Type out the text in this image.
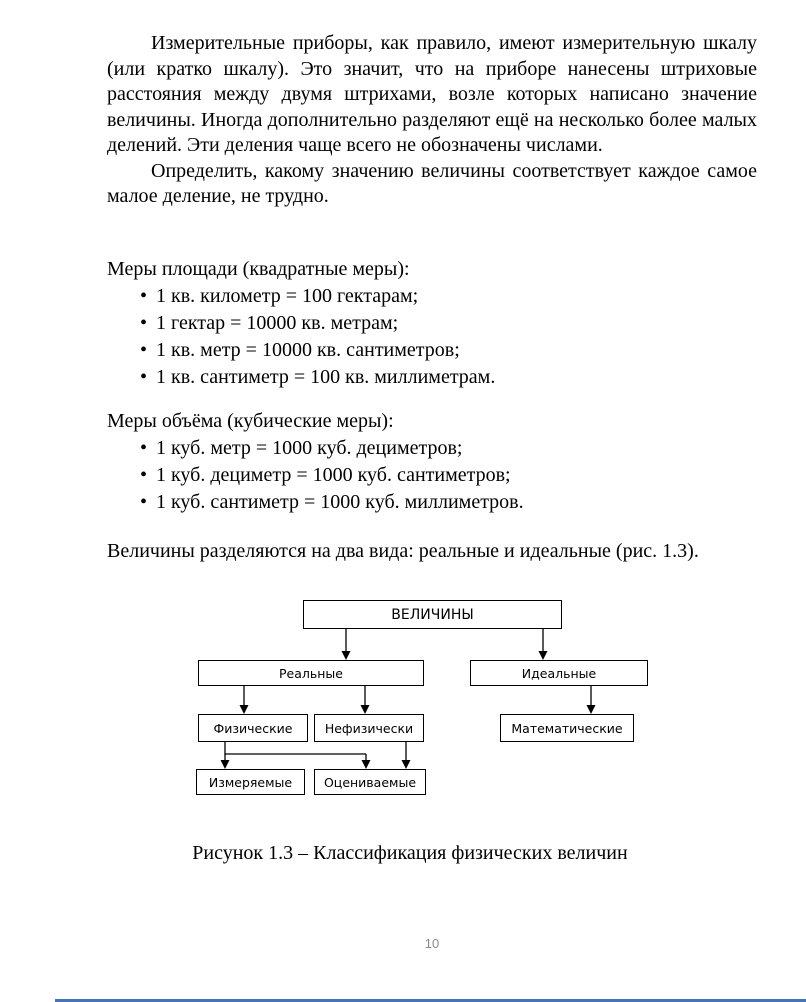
Измерительные приборы, как правило, имеют измерительную шкалу (или кратко шкалу). Это значит, что на приборе нанесены штриховые расстояния между двумя штрихами, возле которых написано значение величины. Иногда дополнительно разделяют ещё на несколько более малых делений. Эти деления чаще всего не обозначены числами.

Определить, какому значению величины соответствует каждое самое малое деление, не трудно.

Меры площади (квадратные меры):

• 1 кв. километр = 100 гектарам;
• 1 гектар = 10000 кв. метрам;
• 1 кв. метр = 10000 кв. сантиметров;
• 1 кв. сантиметр = 100 кв. миллиметрам.

Меры объёма (кубические меры):

• 1 куб. метр = 1000 куб. дециметров;
• 1 куб. дециметр = 1000 куб. сантиметров;
• 1 куб. сантиметр = 1000 куб. миллиметров.
Величины разделяются на два вида: реальные и идеальные (рис. 1.3).
ВЕЛИЧИНЫ
Реальные	Идеальные
Физические	Нефизически	Математические
Измеряемые	Оцениваемые
Рисунок 1.3 – Классификация физических величин
10
